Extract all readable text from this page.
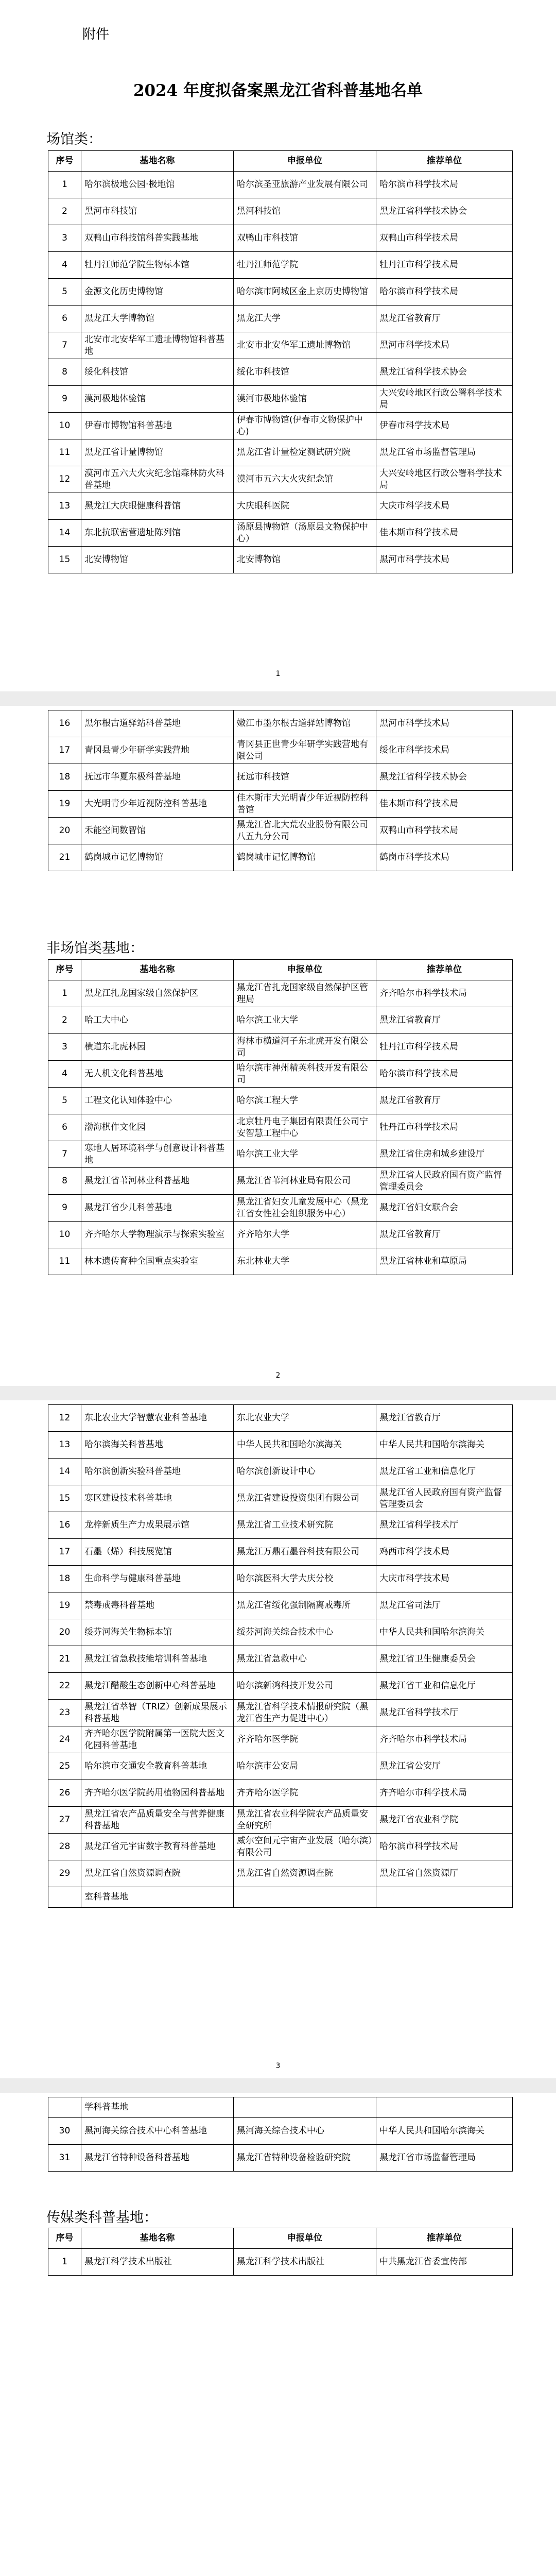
附件
2024 年度拟备案黑龙江省科普基地名单
场馆类：
序号	基地名称	申报单位	推荐单位
1	哈尔滨极地公园·极地馆	哈尔滨圣亚旅游产业发展有限公司	哈尔滨市科学技术局
2	黑河市科技馆	黑河科技馆	黑龙江省科学技术协会
3	双鸭山市科技馆科普实践基地	双鸭山市科技馆	双鸭山市科学技术局
4	牡丹江师范学院生物标本馆	牡丹江师范学院	牡丹江市科学技术局
5	金源文化历史博物馆	哈尔滨市阿城区金上京历史博物馆	哈尔滨市科学技术局
6	黑龙江大学博物馆	黑龙江大学	黑龙江省教育厅
7	北安市北安华军工遗址博物馆科普基地	北安市北安华军工遗址博物馆	黑河市科学技术局
8	绥化科技馆	绥化市科技馆	黑龙江省科学技术协会
9	漠河极地体验馆	漠河市极地体验馆	大兴安岭地区行政公署科学技术局
10	伊春市博物馆科普基地	伊春市博物馆(伊春市文物保护中心)	伊春市科学技术局
11	黑龙江省计量博物馆	黑龙江省计量检定测试研究院	黑龙江省市场监督管理局
12	漠河市五六大火灾纪念馆森林防火科普基地	漠河市五六大火灾纪念馆	大兴安岭地区行政公署科学技术局
13	黑龙江大庆眼健康科普馆	大庆眼科医院	大庆市科学技术局
14	东北抗联密营遗址陈列馆	汤原县博物馆（汤原县文物保护中心）	佳木斯市科学技术局
15	北安博物馆	北安博物馆	黑河市科学技术局
1
16	黑尔根古道驿站科普基地	嫩江市墨尔根古道驿站博物馆	黑河市科学技术局
17	青冈县青少年研学实践营地	青冈县正世青少年研学实践营地有限公司	绥化市科学技术局
18	抚远市华夏东极科普基地	抚远市科技馆	黑龙江省科学技术协会
19	大光明青少年近视防控科普基地	佳木斯市大光明青少年近视防控科普馆	佳木斯市科学技术局
20	禾能空间数智馆	黑龙江省北大荒农业股份有限公司八五九分公司	双鸭山市科学技术局
21	鹤岗城市记忆博物馆	鹤岗城市记忆博物馆	鹤岗市科学技术局
非场馆类基地：
序号	基地名称	申报单位	推荐单位
1	黑龙江扎龙国家级自然保护区	黑龙江省扎龙国家级自然保护区管理局	齐齐哈尔市科学技术局
2	哈工大中心	哈尔滨工业大学	黑龙江省教育厅
3	横道东北虎林园	海林市横道河子东北虎开发有限公司	牡丹江市科学技术局
4	无人机文化科普基地	哈尔滨市神州精英科技开发有限公司	哈尔滨市科学技术局
5	工程文化认知体验中心	哈尔滨工程大学	黑龙江省教育厅
6	渤海棋作文化园	北京牡丹电子集团有限责任公司宁安智慧工程中心	牡丹江市科学技术局
7	寒地人居环境科学与创意设计科普基地	哈尔滨工业大学	黑龙江省住房和城乡建设厅
8	黑龙江省苇河林业科普基地	黑龙江省苇河林业局有限公司	黑龙江省人民政府国有资产监督管理委员会
9	黑龙江省少儿科普基地	黑龙江省妇女儿童发展中心（黑龙江省女性社会组织服务中心）	黑龙江省妇女联合会
10	齐齐哈尔大学物理演示与探索实验室	齐齐哈尔大学	黑龙江省教育厅
11	林木遗传育种全国重点实验室	东北林业大学	黑龙江省林业和草原局
2
12	东北农业大学智慧农业科普基地	东北农业大学	黑龙江省教育厅
13	哈尔滨海关科普基地	中华人民共和国哈尔滨海关	中华人民共和国哈尔滨海关
14	哈尔滨创新实验科普基地	哈尔滨创新设计中心	黑龙江省工业和信息化厅
15	寒区建设技术科普基地	黑龙江省建设投资集团有限公司	黑龙江省人民政府国有资产监督管理委员会
16	龙梓新质生产力成果展示馆	黑龙江省工业技术研究院	黑龙江省科学技术厅
17	石墨（烯）科技展览馆	黑龙江万鼎石墨谷科技有限公司	鸡西市科学技术局
18	生命科学与健康科普基地	哈尔滨医科大学大庆分校	大庆市科学技术局
19	禁毒戒毒科普基地	黑龙江省绥化强制隔离戒毒所	黑龙江省司法厅
20	绥芬河海关生物标本馆	绥芬河海关综合技术中心	中华人民共和国哈尔滨海关
21	黑龙江省急救技能培训科普基地	黑龙江省急救中心	黑龙江省卫生健康委员会
22	黑龙江醋酸生态创新中心科普基地	哈尔滨新鸿科技开发公司	黑龙江省工业和信息化厅
23	黑龙江省萃智（TRIZ）创新成果展示科普基地	黑龙江省科学技术情报研究院（黑龙江省生产力促进中心）	黑龙江省科学技术厅
24	齐齐哈尔医学院附属第一医院大医文化园科普基地	齐齐哈尔医学院	齐齐哈尔市科学技术局
25	哈尔滨市交通安全教育科普基地	哈尔滨市公安局	黑龙江省公安厅
26	齐齐哈尔医学院药用植物园科普基地	齐齐哈尔医学院	齐齐哈尔市科学技术局
27	黑龙江省农产品质量安全与营养健康科普基地	黑龙江省农业科学院农产品质量安全研究所	黑龙江省农业科学院
28	黑龙江省元宇宙数字教育科普基地	威尔空间元宇宙产业发展（哈尔滨）有限公司	哈尔滨市科学技术局
29	黑龙江省自然资源调查院	黑龙江省自然资源调查院	黑龙江省自然资源厅
	室科普基地		
3
	学科普基地		
30	黑河海关综合技术中心科普基地	黑河海关综合技术中心	中华人民共和国哈尔滨海关
31	黑龙江省特种设备科普基地	黑龙江省特种设备检验研究院	黑龙江省市场监督管理局
传媒类科普基地：
序号	基地名称	申报单位	推荐单位
1	黑龙江科学技术出版社	黑龙江科学技术出版社	中共黑龙江省委宣传部
